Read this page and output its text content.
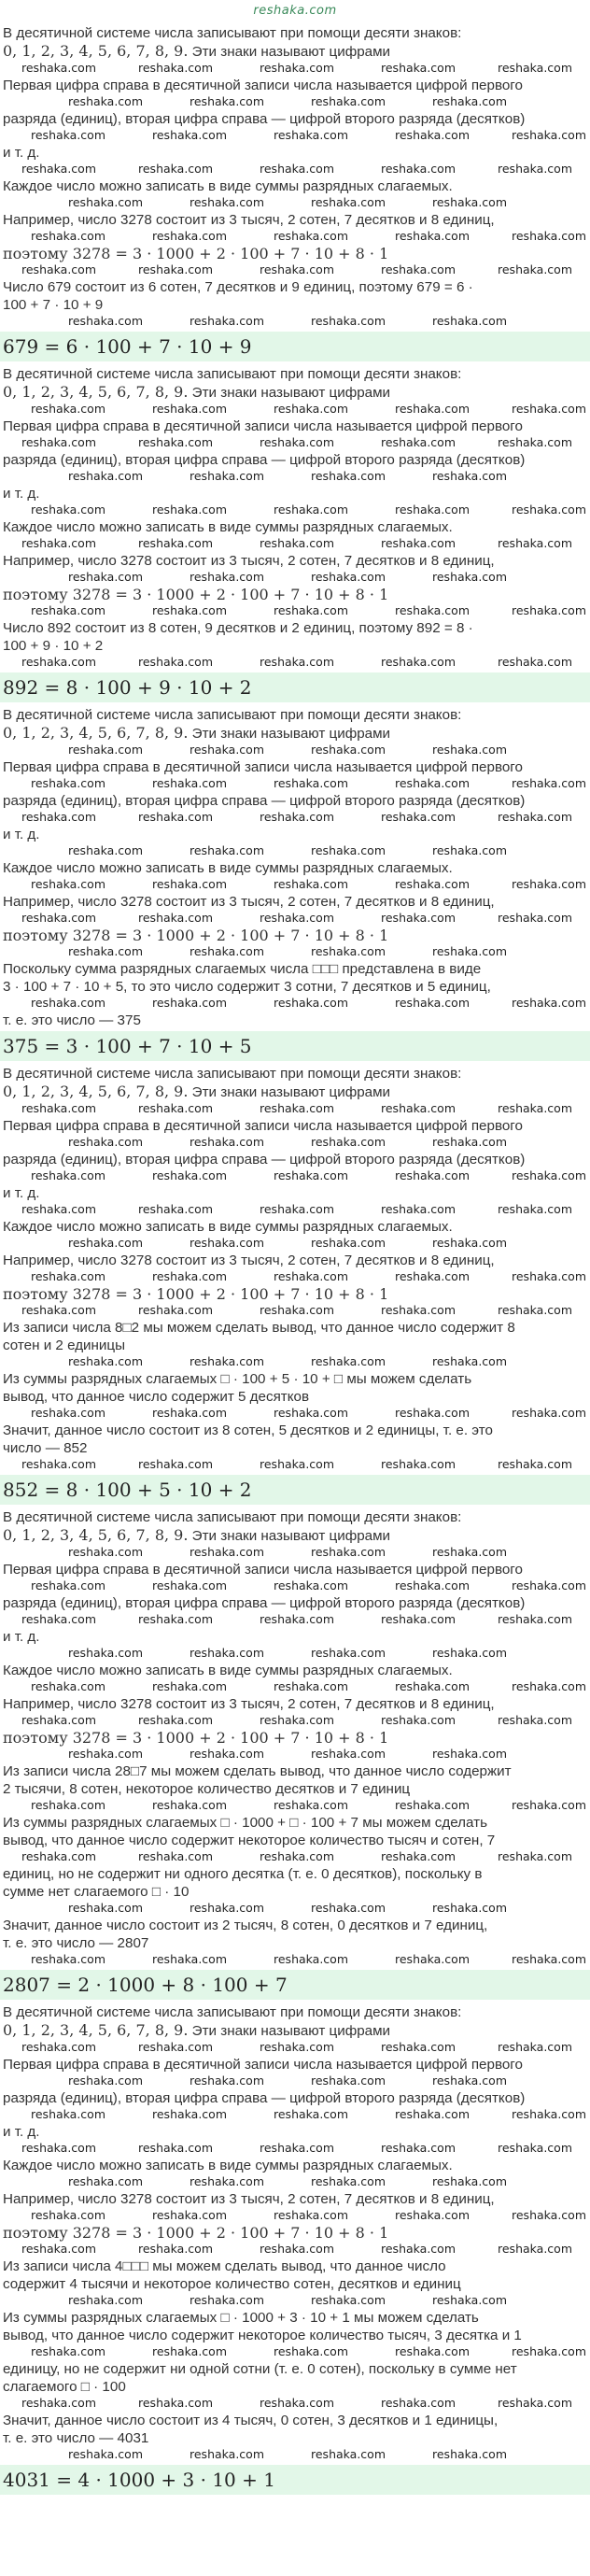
reshaka.com

В десятичной системе числа записывают при помощи десяти знаков:

0, 1, 2, 3, 4, 5, 6, 7, 8, 9. Эти знаки называют цифрами

reshaka.com	reshaka.com	reshaka.com	reshaka.com	reshaka.com

Первая цифра справа в десятичной записи числа называется цифрой первого

reshaka.com	reshaka.com	reshaka.com	reshaka.com

разряда (единиц), вторая цифра справа — цифрой второго разряда (десятков)

reshaka.com	reshaka.com	reshaka.com	reshaka.com	reshaka.com

и т. д.

reshaka.com	reshaka.com	reshaka.com	reshaka.com	reshaka.com

Каждое число можно записать в виде суммы разрядных слагаемых.

reshaka.com	reshaka.com	reshaka.com	reshaka.com

Например, число 3278 состоит из 3 тысяч, 2 сотен, 7 десятков и 8 единиц,

reshaka.com	reshaka.com	reshaka.com	reshaka.com	reshaka.com

поэтому 3278 = 3 · 1000 + 2 · 100 + 7 · 10 + 8 · 1

reshaka.com	reshaka.com	reshaka.com	reshaka.com	reshaka.com

Число 679 состоит из 6 сотен, 7 десятков и 9 единиц, поэтому 679 = 6 ·

100 + 7 · 10 + 9

reshaka.com	reshaka.com	reshaka.com	reshaka.com
679 = 6 · 100 + 7 · 10 + 9

В десятичной системе числа записывают при помощи десяти знаков:

0, 1, 2, 3, 4, 5, 6, 7, 8, 9. Эти знаки называют цифрами

reshaka.com	reshaka.com	reshaka.com	reshaka.com	reshaka.com

Первая цифра справа в десятичной записи числа называется цифрой первого

reshaka.com	reshaka.com	reshaka.com	reshaka.com	reshaka.com

разряда (единиц), вторая цифра справа — цифрой второго разряда (десятков)

reshaka.com	reshaka.com	reshaka.com	reshaka.com

и т. д.

reshaka.com	reshaka.com	reshaka.com	reshaka.com	reshaka.com

Каждое число можно записать в виде суммы разрядных слагаемых.

reshaka.com	reshaka.com	reshaka.com	reshaka.com	reshaka.com

Например, число 3278 состоит из 3 тысяч, 2 сотен, 7 десятков и 8 единиц,

reshaka.com	reshaka.com	reshaka.com	reshaka.com

поэтому 3278 = 3 · 1000 + 2 · 100 + 7 · 10 + 8 · 1

reshaka.com	reshaka.com	reshaka.com	reshaka.com	reshaka.com

Число 892 состоит из 8 сотен, 9 десятков и 2 единиц, поэтому 892 = 8 ·

100 + 9 · 10 + 2

reshaka.com	reshaka.com	reshaka.com	reshaka.com	reshaka.com
892 = 8 · 100 + 9 · 10 + 2

В десятичной системе числа записывают при помощи десяти знаков:

0, 1, 2, 3, 4, 5, 6, 7, 8, 9. Эти знаки называют цифрами

reshaka.com	reshaka.com	reshaka.com	reshaka.com

Первая цифра справа в десятичной записи числа называется цифрой первого

reshaka.com	reshaka.com	reshaka.com	reshaka.com	reshaka.com

разряда (единиц), вторая цифра справа — цифрой второго разряда (десятков)

reshaka.com	reshaka.com	reshaka.com	reshaka.com	reshaka.com

и т. д.

reshaka.com	reshaka.com	reshaka.com	reshaka.com

Каждое число можно записать в виде суммы разрядных слагаемых.

reshaka.com	reshaka.com	reshaka.com	reshaka.com	reshaka.com

Например, число 3278 состоит из 3 тысяч, 2 сотен, 7 десятков и 8 единиц,

reshaka.com	reshaka.com	reshaka.com	reshaka.com	reshaka.com

поэтому 3278 = 3 · 1000 + 2 · 100 + 7 · 10 + 8 · 1

reshaka.com	reshaka.com	reshaka.com	reshaka.com

Поскольку сумма разрядных слагаемых числа □□□ представлена в виде

3 · 100 + 7 · 10 + 5, то это число содержит 3 сотни, 7 десятков и 5 единиц,

reshaka.com	reshaka.com	reshaka.com	reshaka.com	reshaka.com

т. е. это число — 375

375 = 3 · 100 + 7 · 10 + 5

В десятичной системе числа записывают при помощи десяти знаков:

0, 1, 2, 3, 4, 5, 6, 7, 8, 9. Эти знаки называют цифрами

reshaka.com	reshaka.com	reshaka.com	reshaka.com	reshaka.com

Первая цифра справа в десятичной записи числа называется цифрой первого

reshaka.com	reshaka.com	reshaka.com	reshaka.com

разряда (единиц), вторая цифра справа — цифрой второго разряда (десятков)

reshaka.com	reshaka.com	reshaka.com	reshaka.com	reshaka.com

и т. д.

reshaka.com	reshaka.com	reshaka.com	reshaka.com	reshaka.com

Каждое число можно записать в виде суммы разрядных слагаемых.

reshaka.com	reshaka.com	reshaka.com	reshaka.com

Например, число 3278 состоит из 3 тысяч, 2 сотен, 7 десятков и 8 единиц,

reshaka.com	reshaka.com	reshaka.com	reshaka.com	reshaka.com

поэтому 3278 = 3 · 1000 + 2 · 100 + 7 · 10 + 8 · 1

reshaka.com	reshaka.com	reshaka.com	reshaka.com	reshaka.com

Из записи числа 8□2 мы можем сделать вывод, что данное число содержит 8

сотен и 2 единицы

reshaka.com	reshaka.com	reshaka.com	reshaka.com

Из суммы разрядных слагаемых □ · 100 + 5 · 10 + □ мы можем сделать

вывод, что данное число содержит 5 десятков

reshaka.com	reshaka.com	reshaka.com	reshaka.com	reshaka.com

Значит, данное число состоит из 8 сотен, 5 десятков и 2 единицы, т. е. это

число — 852

reshaka.com	reshaka.com	reshaka.com	reshaka.com	reshaka.com
852 = 8 · 100 + 5 · 10 + 2

В десятичной системе числа записывают при помощи десяти знаков:

0, 1, 2, 3, 4, 5, 6, 7, 8, 9. Эти знаки называют цифрами

reshaka.com	reshaka.com	reshaka.com	reshaka.com

Первая цифра справа в десятичной записи числа называется цифрой первого

reshaka.com	reshaka.com	reshaka.com	reshaka.com	reshaka.com

разряда (единиц), вторая цифра справа — цифрой второго разряда (десятков)

reshaka.com	reshaka.com	reshaka.com	reshaka.com	reshaka.com

и т. д.

reshaka.com	reshaka.com	reshaka.com	reshaka.com

Каждое число можно записать в виде суммы разрядных слагаемых.

reshaka.com	reshaka.com	reshaka.com	reshaka.com	reshaka.com

Например, число 3278 состоит из 3 тысяч, 2 сотен, 7 десятков и 8 единиц,

reshaka.com	reshaka.com	reshaka.com	reshaka.com	reshaka.com

поэтому 3278 = 3 · 1000 + 2 · 100 + 7 · 10 + 8 · 1

reshaka.com	reshaka.com	reshaka.com	reshaka.com

Из записи числа 28□7 мы можем сделать вывод, что данное число содержит

2 тысячи, 8 сотен, некоторое количество десятков и 7 единиц

reshaka.com	reshaka.com	reshaka.com	reshaka.com	reshaka.com

Из суммы разрядных слагаемых □ · 1000 + □ · 100 + 7 мы можем сделать

вывод, что данное число содержит некоторое количество тысяч и сотен, 7

reshaka.com	reshaka.com	reshaka.com	reshaka.com	reshaka.com

единиц, но не содержит ни одного десятка (т. е. 0 десятков), поскольку в

сумме нет слагаемого □ · 10

reshaka.com	reshaka.com	reshaka.com	reshaka.com

Значит, данное число состоит из 2 тысяч, 8 сотен, 0 десятков и 7 единиц,

т. е. это число — 2807

reshaka.com	reshaka.com	reshaka.com	reshaka.com	reshaka.com
2807 = 2 · 1000 + 8 · 100 + 7

В десятичной системе числа записывают при помощи десяти знаков:

0, 1, 2, 3, 4, 5, 6, 7, 8, 9. Эти знаки называют цифрами

reshaka.com	reshaka.com	reshaka.com	reshaka.com	reshaka.com

Первая цифра справа в десятичной записи числа называется цифрой первого

reshaka.com	reshaka.com	reshaka.com	reshaka.com

разряда (единиц), вторая цифра справа — цифрой второго разряда (десятков)

reshaka.com	reshaka.com	reshaka.com	reshaka.com	reshaka.com

и т. д.

reshaka.com	reshaka.com	reshaka.com	reshaka.com	reshaka.com

Каждое число можно записать в виде суммы разрядных слагаемых.

reshaka.com	reshaka.com	reshaka.com	reshaka.com

Например, число 3278 состоит из 3 тысяч, 2 сотен, 7 десятков и 8 единиц,

reshaka.com	reshaka.com	reshaka.com	reshaka.com	reshaka.com

поэтому 3278 = 3 · 1000 + 2 · 100 + 7 · 10 + 8 · 1

reshaka.com	reshaka.com	reshaka.com	reshaka.com	reshaka.com

Из записи числа 4□□□ мы можем сделать вывод, что данное число

содержит 4 тысячи и некоторое количество сотен, десятков и единиц

reshaka.com	reshaka.com	reshaka.com	reshaka.com

Из суммы разрядных слагаемых □ · 1000 + 3 · 10 + 1 мы можем сделать

вывод, что данное число содержит некоторое количество тысяч, 3 десятка и 1

reshaka.com	reshaka.com	reshaka.com	reshaka.com	reshaka.com

единицу, но не содержит ни одной сотни (т. е. 0 сотен), поскольку в сумме нет

слагаемого □ · 100

reshaka.com	reshaka.com	reshaka.com	reshaka.com	reshaka.com

Значит, данное число состоит из 4 тысяч, 0 сотен, 3 десятков и 1 единицы,

т. е. это число — 4031

reshaka.com	reshaka.com	reshaka.com	reshaka.com
4031 = 4 · 1000 + 3 · 10 + 1
